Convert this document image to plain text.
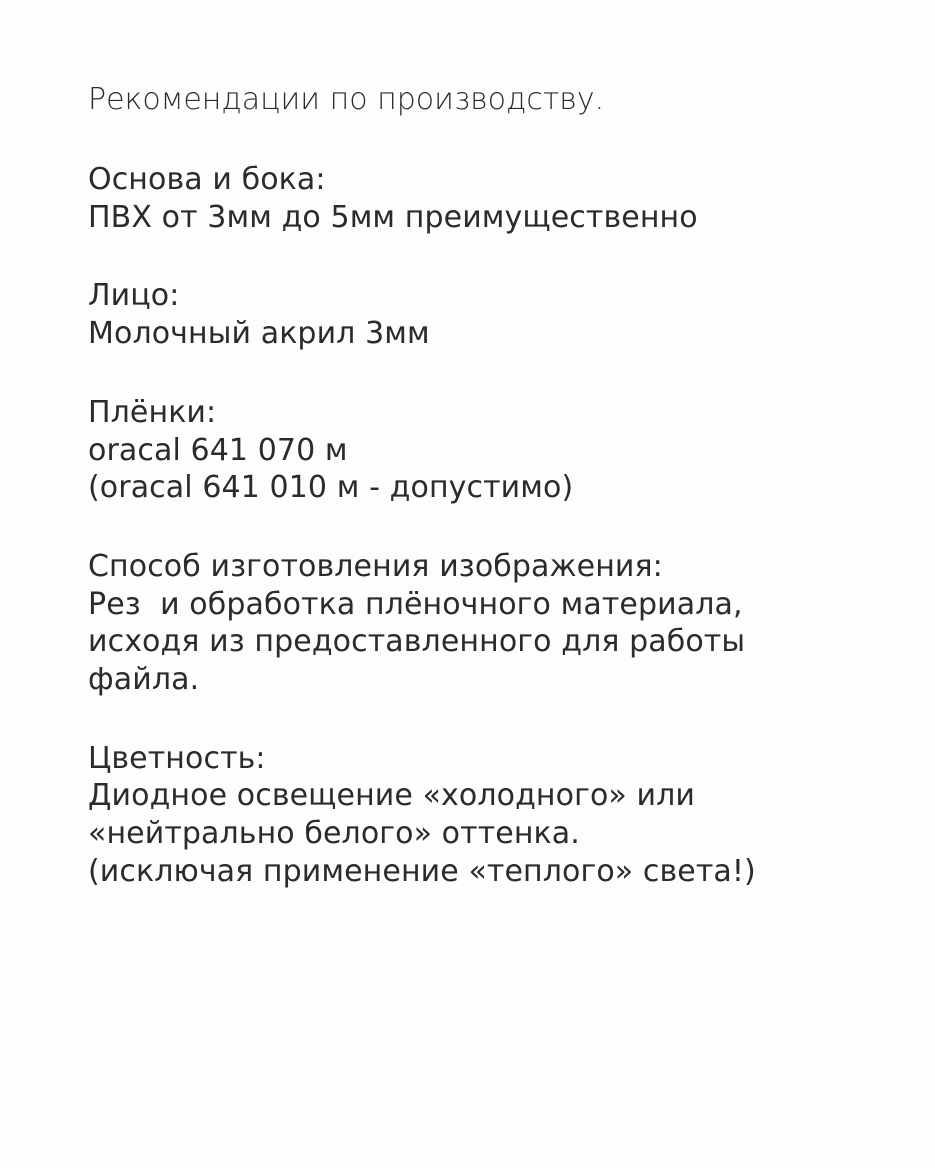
Рекомендации по производству.
Основа и бока:
ПВХ от 3мм до 5мм преимущественно
Лицо:
Молочный акрил 3мм
Плёнки:
oracal 641 070 м
(oracal 641 010 м - допустимо)
Способ изготовления изображения:
Рез  и обработка плёночного материала,
исходя из предоставленного для работы
файла.
Цветность:
Диодное освещение «холодного» или
«нейтрально белого» оттенка.
(исключая применение «теплого» света!)
